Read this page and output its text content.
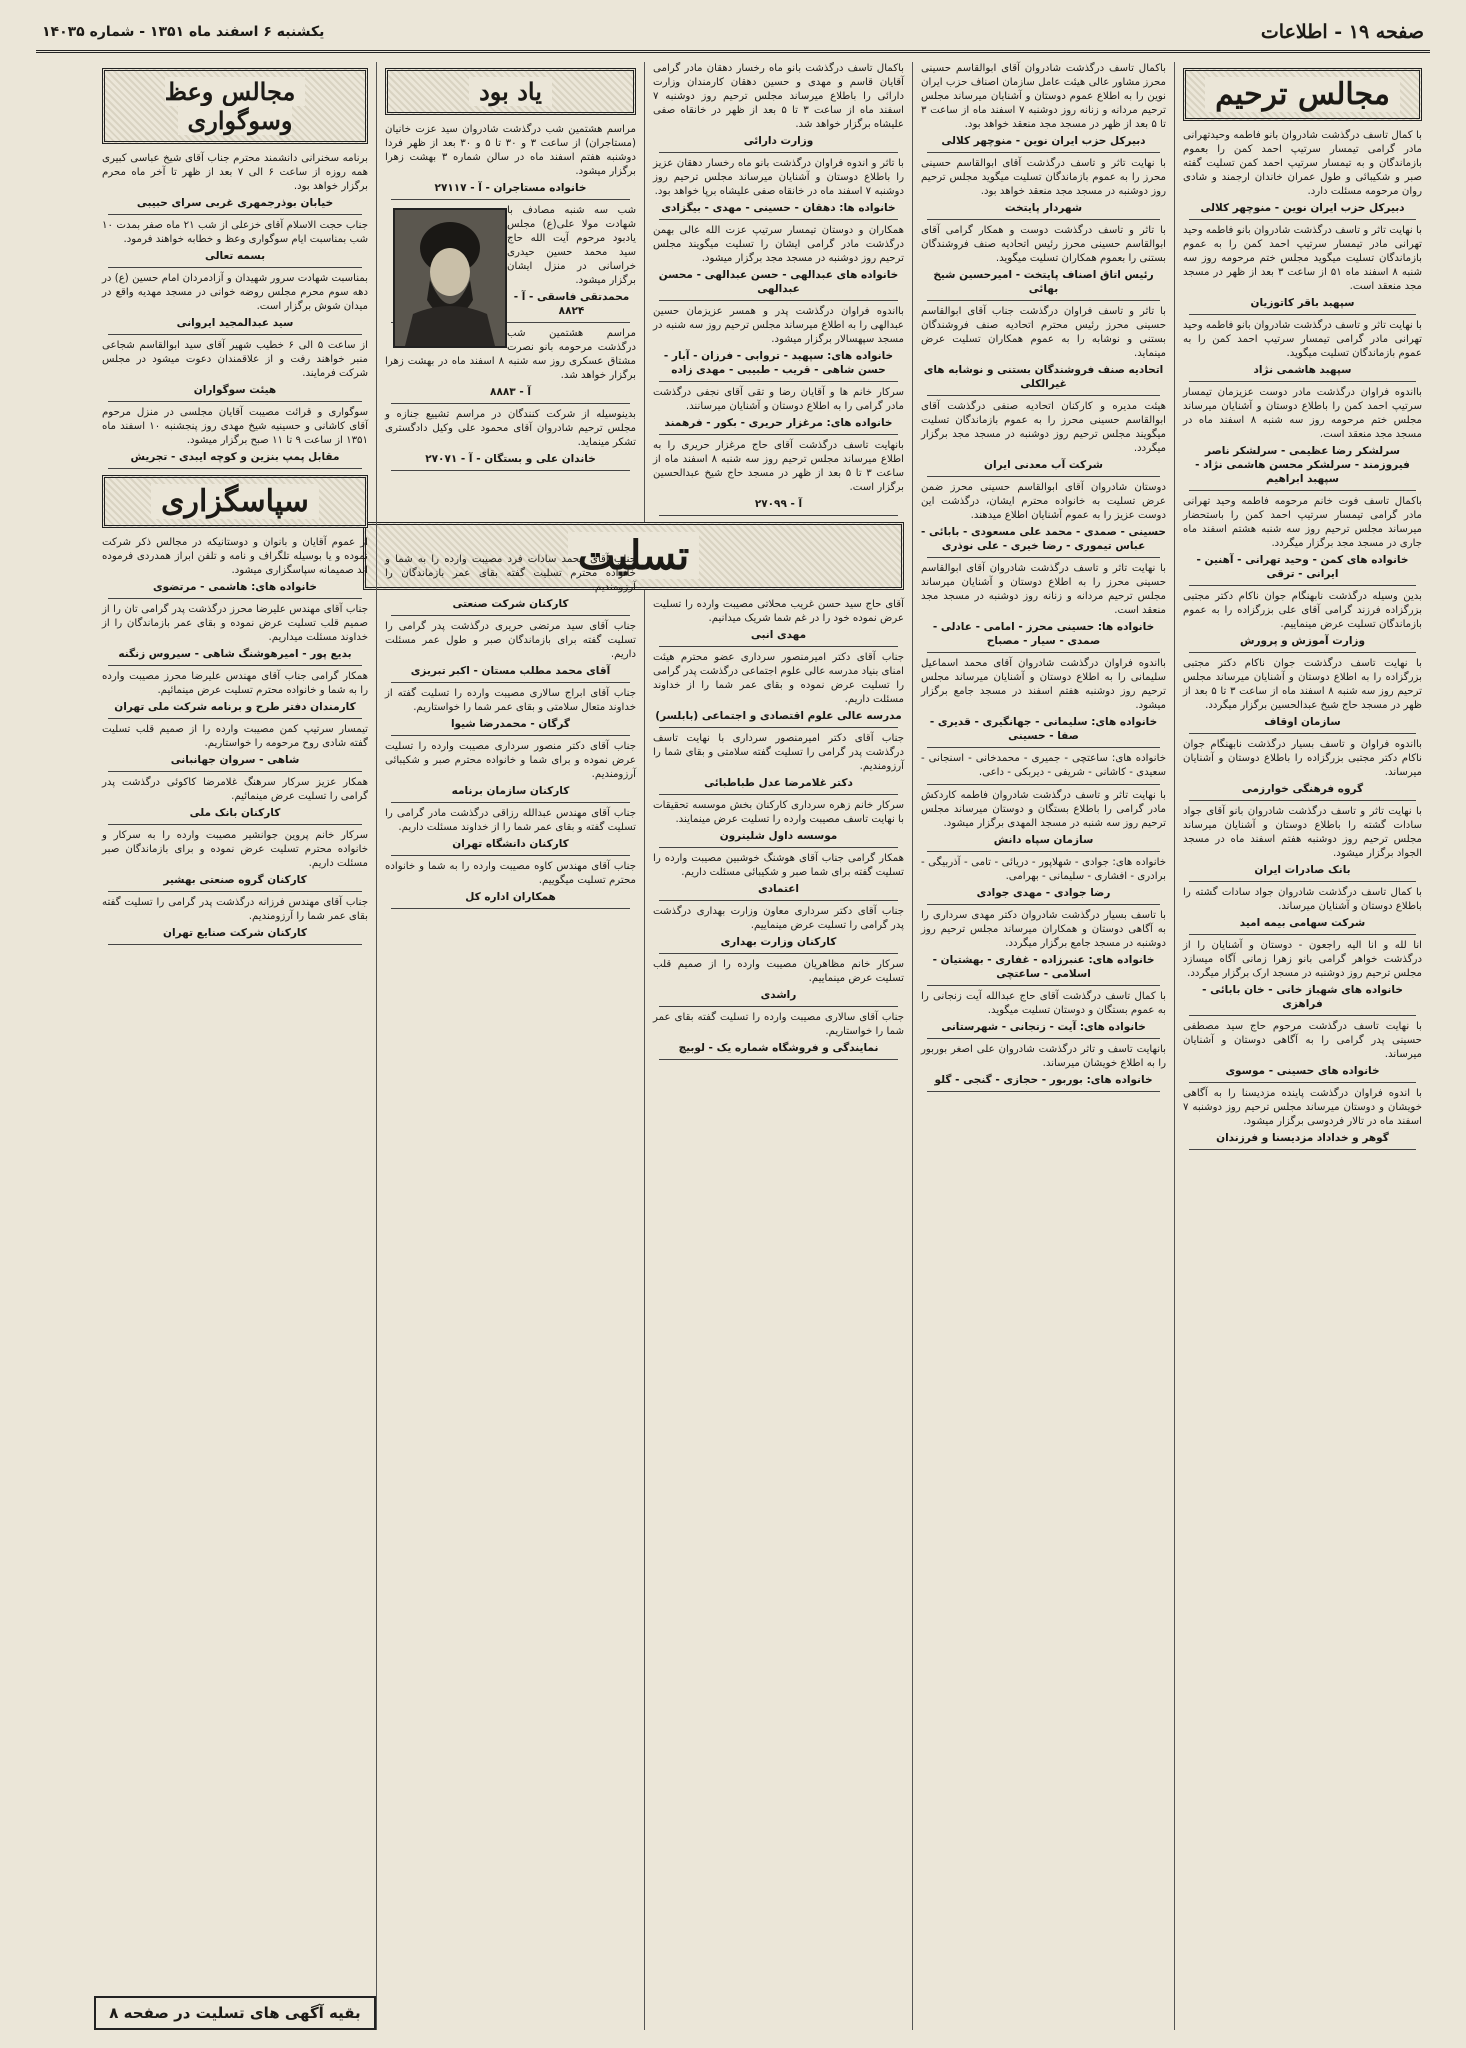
صفحه ۱۹ - اطلاعات
یکشنبه ۶ اسفند ماه ۱۳۵۱ - شماره ۱۴۰۳۵
مجالس ترحیم
با کمال تاسف درگذشت شادروان بانو فاطمه وحیدتهرانی مادر گرامی تیمسار سرتیپ احمد کمن را بعموم بازماندگان و به تیمسار سرتیپ احمد کمن تسلیت گفته صبر و شکیبائی و طول عمران خاندان ارجمند و شادی روان مرحومه مسئلت دارد.
دبیرکل حزب ایران نوین - منوچهر کلالی
با نهایت تاثر و تاسف درگذشت شادروان بانو فاطمه وحید تهرانی مادر تیمسار سرتیپ احمد کمن را به عموم بازماندگان تسلیت میگوید مجلس ختم مرحومه روز سه شنبه ۸ اسفند ماه ۵۱ از ساعت ۳ بعد از ظهر در مسجد مجد منعقد است.
سپهبد باقر کاتوزیان
با نهایت تاثر و تاسف درگذشت شادروان بانو فاطمه وحید تهرانی مادر گرامی تیمسار سرتیپ احمد کمن را به عموم بازماندگان تسلیت میگوید.
سپهبد هاشمی نژاد
بااندوه فراوان درگذشت مادر دوست عزیزمان تیمسار سرتیپ احمد کمن را باطلاع دوستان و آشنایان میرساند مجلس ختم مرحومه روز سه شنبه ۸ اسفند ماه در مسجد مجد منعقد است.
سرلشکر رضا عظیمی - سرلشکر ناصر فیروزمند - سرلشکر محسن هاشمی نژاد - سپهبد ابراهیم
باکمال تاسف فوت خانم مرحومه فاطمه وحید تهرانی مادر گرامی تیمسار سرتیپ احمد کمن را باستحضار میرساند مجلس ترحیم روز سه شنبه هشتم اسفند ماه جاری در مسجد مجد برگزار میگردد.
خانواده های کمن - وحید تهرانی - آهنین - ایرانی - ترقی
بدین وسیله درگذشت نابهنگام جوان ناکام دکتر مجتبی بزرگزاده فرزند گرامی آقای علی بزرگزاده را به عموم بازماندگان تسلیت عرض مینماییم.
وزارت آموزش و پرورش
با نهایت تاسف درگذشت جوان ناکام دکتر مجتبی بزرگزاده را به اطلاع دوستان و آشنایان میرساند مجلس ترحیم روز سه شنبه ۸ اسفند ماه از ساعت ۳ تا ۵ بعد از ظهر در مسجد حاج شیخ عبدالحسین برگزار میگردد.
سازمان اوقاف
بااندوه فراوان و تاسف بسیار درگذشت نابهنگام جوان ناکام دکتر مجتبی بزرگزاده را باطلاع دوستان و آشنایان میرساند.
گروه فرهنگی خوارزمی
با نهایت تاثر و تاسف درگذشت شادروان بانو آقای جواد سادات گشته را باطلاع دوستان و آشنایان میرساند مجلس ترحیم روز دوشنبه هفتم اسفند ماه در مسجد الجواد برگزار میشود.
بانک صادرات ایران
با کمال تاسف درگذشت شادروان جواد سادات گشته را باطلاع دوستان و آشنایان میرساند.
شرکت سهامی بیمه امید
انا لله و انا الیه راجعون - دوستان و آشنایان را از درگذشت خواهر گرامی بانو زهرا زمانی آگاه میسازد مجلس ترحیم روز دوشنبه در مسجد ارک برگزار میگردد.
خانواده های شهباز خانی - خان بابائی - فراهزی
با نهایت تاسف درگذشت مرحوم حاج سید مصطفی حسینی پدر گرامی را به آگاهی دوستان و آشنایان میرساند.
خانواده های حسینی - موسوی
با اندوه فراوان درگذشت پاینده مزدیسنا را به آگاهی خویشان و دوستان میرساند مجلس ترحیم روز دوشنبه ۷ اسفند ماه در تالار فردوسی برگزار میشود.
گوهر و خداداد مزدیسنا و فرزندان
باکمال تاسف درگذشت شادروان آقای ابوالقاسم حسینی محرز مشاور عالی هیئت عامل سازمان اصناف حزب ایران نوین را به اطلاع عموم دوستان و آشنایان میرساند مجلس ترحیم مردانه و زنانه روز دوشنبه ۷ اسفند ماه از ساعت ۳ تا ۵ بعد از ظهر در مسجد مجد منعقد خواهد بود.
دبیرکل حزب ایران نوین - منوچهر کلالی
با نهایت تاثر و تاسف درگذشت آقای ابوالقاسم حسینی محرز را به عموم بازماندگان تسلیت میگوید مجلس ترحیم روز دوشنبه در مسجد مجد منعقد خواهد بود.
شهردار پایتخت
با تاثر و تاسف درگذشت دوست و همکار گرامی آقای ابوالقاسم حسینی محرز رئیس اتحادیه صنف فروشندگان بستنی را بعموم همکاران تسلیت میگوید.
رئیس اتاق اصناف پایتخت - امیرحسین شیخ بهائی
با تاثر و تاسف فراوان درگذشت جناب آقای ابوالقاسم حسینی محرز رئیس محترم اتحادیه صنف فروشندگان بستنی و نوشابه را به عموم همکاران تسلیت عرض مینماید.
اتحادیه صنف فروشندگان بستنی و نوشابه های غیرالکلی
هیئت مدیره و کارکنان اتحادیه صنفی درگذشت آقای ابوالقاسم حسینی محرز را به عموم بازماندگان تسلیت میگویند مجلس ترحیم روز دوشنبه در مسجد مجد برگزار میگردد.
شرکت آب معدنی ایران
دوستان شادروان آقای ابوالقاسم حسینی محرز ضمن عرض تسلیت به خانواده محترم ایشان، درگذشت این دوست عزیز را به عموم آشنایان اطلاع میدهند.
حسینی - صمدی - محمد علی مسعودی - بابائی - عباس تیموری - رضا خیری - علی نوذری
با نهایت تاثر و تاسف درگذشت شادروان آقای ابوالقاسم حسینی محرز را به اطلاع دوستان و آشنایان میرساند مجلس ترحیم مردانه و زنانه روز دوشنبه در مسجد مجد منعقد است.
خانواده ها: حسینی محرز - امامی - عادلی - صمدی - سیار - مصباح
بااندوه فراوان درگذشت شادروان آقای محمد اسماعیل سلیمانی را به اطلاع دوستان و آشنایان میرساند مجلس ترحیم روز دوشنبه هفتم اسفند در مسجد جامع برگزار میشود.
خانواده های: سلیمانی - جهانگیری - قدیری - صفا - حسینی
خانواده های: ساعتچی - جمیری - محمدخانی - اسنجانی - سعیدی - کاشانی - شریفی - دیربکی - داعی.
با نهایت تاثر و تاسف درگذشت شادروان فاطمه کاردکش مادر گرامی را باطلاع بستگان و دوستان میرساند مجلس ترحیم روز سه شنبه در مسجد المهدی برگزار میشود.
سازمان سپاه دانش
خانواده های: جوادی - شهلاپور - دریائی - تامی - آذربیگی - برادری - افشاری - سلیمانی - بهرامی.
رضا جوادی - مهدی جوادی
با تاسف بسیار درگذشت شادروان دکتر مهدی سرداری را به آگاهی دوستان و همکاران میرساند مجلس ترحیم روز دوشنبه در مسجد جامع برگزار میگردد.
خانواده های: عنبرزاده - غفاری - بهشتیان - اسلامی - ساعتچی
با کمال تاسف درگذشت آقای حاج عبدالله آیت زنجانی را به عموم بستگان و دوستان تسلیت میگوید.
خانواده های: آیت - زنجانی - شهرستانی
بانهایت تاسف و تاثر درگذشت شادروان علی اصغر بوربور را به اطلاع خویشان میرساند.
خانواده های: بوربور - حجازی - گنجی - گلو
باکمال تاسف درگذشت بانو ماه رخسار دهقان مادر گرامی آقایان قاسم و مهدی و حسین دهقان کارمندان وزارت دارائی را باطلاع میرساند مجلس ترحیم روز دوشنبه ۷ اسفند ماه از ساعت ۳ تا ۵ بعد از ظهر در خانقاه صفی علیشاه برگزار خواهد شد.
وزارت دارائی
با تاثر و اندوه فراوان درگذشت بانو ماه رخسار دهقان عزیز را باطلاع دوستان و آشنایان میرساند مجلس ترحیم روز دوشنبه ۷ اسفند ماه در خانقاه صفی علیشاه برپا خواهد بود.
خانواده ها: دهقان - حسینی - مهدی - بیگزادی
همکاران و دوستان تیمسار سرتیپ عزت الله عالی بهمن درگذشت مادر گرامی ایشان را تسلیت میگویند مجلس ترحیم روز دوشنبه در مسجد مجد برگزار میشود.
خانواده های عبدالهی - حسن عبدالهی - محسن عبدالهی
بااندوه فراوان درگذشت پدر و همسر عزیزمان حسین عبدالهی را به اطلاع میرساند مجلس ترحیم روز سه شنبه در مسجد سپهسالار برگزار میشود.
خانواده های: سپهبد - تروابی - فرزان - آبار - حسن شاهی - قریب - طبیبی - مهدی زاده
سرکار خانم ها و آقایان رضا و تقی آقای نجفی درگذشت مادر گرامی را به اطلاع دوستان و آشنایان میرسانند.
خانواده های: مرغزار حریری - بکور - فرهمند
بانهایت تاسف درگذشت آقای حاج مرغزار حریری را به اطلاع میرساند مجلس ترحیم روز سه شنبه ۸ اسفند ماه از ساعت ۳ تا ۵ بعد از ظهر در مسجد حاج شیخ عبدالحسین برگزار است.
آ - ۲۷۰۹۹
تسلیت
آقای حاج سید حسن غریب محلاتی مصیبت وارده را تسلیت عرض نموده خود را در غم شما شریک میدانیم.
مهدی انبی
جناب آقای دکتر امیرمنصور سرداری عضو محترم هیئت امنای بنیاد مدرسه عالی علوم اجتماعی درگذشت پدر گرامی را تسلیت عرض نموده و بقای عمر شما را از خداوند مسئلت داریم.
مدرسه عالی علوم اقتصادی و اجتماعی (بابلسر)
جناب آقای دکتر امیرمنصور سرداری با نهایت تاسف درگذشت پدر گرامی را تسلیت گفته سلامتی و بقای شما را آرزومندیم.
دکتر غلامرضا عدل طباطبائی
سرکار خانم زهره سرداری کارکنان بخش موسسه تحقیقات با نهایت تاسف مصیبت وارده را تسلیت عرض مینمایند.
موسسه داول شلینرون
همکار گرامی جناب آقای هوشنگ خوشبین مصیبت وارده را تسلیت گفته برای شما صبر و شکیبائی مسئلت داریم.
اعتمادی
جناب آقای دکتر سرداری معاون وزارت بهداری درگذشت پدر گرامی را تسلیت عرض مینماییم.
کارکنان وزارت بهداری
سرکار خانم مظاهریان مصیبت وارده را از صمیم قلب تسلیت عرض مینماییم.
راشدی
جناب آقای سالاری مصیبت وارده را تسلیت گفته بقای عمر شما را خواستاریم.
نمایندگی و فروشگاه شماره یک - لوبیچ
یاد بود
مراسم هشتمین شب درگذشت شادروان سید عزت خانیان (مستاجران) از ساعت ۳ و ۳۰ تا ۵ و ۳۰ بعد از ظهر فردا دوشنبه هفتم اسفند ماه در سالن شماره ۳ بهشت زهرا برگزار میشود.
خانواده مستاجران - آ - ۲۷۱۱۷
شب سه شنبه مصادف با شهادت مولا علی(ع) مجلس یادبود مرحوم آیت الله حاج سید محمد حسین حیدری خراسانی در منزل ایشان برگزار میشود.
محمدتقی فاسقی - آ - ۸۸۲۴
مراسم هشتمین شب درگذشت مرحومه بانو نصرت مشتاق عسکری روز سه شنبه ۸ اسفند ماه در بهشت زهرا برگزار خواهد شد.
آ - ۸۸۸۳
بدینوسیله از شرکت کنندگان در مراسم تشییع جنازه و مجلس ترحیم شادروان آقای محمود علی وکیل دادگستری تشکر مینماید.
خاندان علی و بستگان - آ - ۲۷۰۷۱
جناب آقای محمد سادات فرد مصیبت وارده را به شما و خانواده محترم تسلیت گفته بقای عمر بازماندگان را آرزومندیم.
کارکنان شرکت صنعتی
جناب آقای سید مرتضی حریری درگذشت پدر گرامی را تسلیت گفته برای بازماندگان صبر و طول عمر مسئلت داریم.
آقای محمد مطلب مستان - اکبر تبریزی
جناب آقای ابراج سالاری مصیبت وارده را تسلیت گفته از خداوند متعال سلامتی و بقای عمر شما را خواستاریم.
گرگان - محمدرضا شیوا
جناب آقای دکتر منصور سرداری مصیبت وارده را تسلیت عرض نموده و برای شما و خانواده محترم صبر و شکیبائی آرزومندیم.
کارکنان سازمان برنامه
جناب آقای مهندس عبدالله رزاقی درگذشت مادر گرامی را تسلیت گفته و بقای عمر شما را از خداوند مسئلت داریم.
کارکنان دانشگاه تهران
جناب آقای مهندس کاوه مصیبت وارده را به شما و خانواده محترم تسلیت میگوییم.
همکاران اداره کل
مجالس وعظ وسوگواری
برنامه سخنرانی دانشمند محترم جناب آقای شیخ عباسی کبیری همه روزه از ساعت ۶ الی ۷ بعد از ظهر تا آخر ماه محرم برگزار خواهد بود.
خیابان بوذرجمهری غربی سرای حبیبی
جناب حجت الاسلام آقای خزعلی از شب ۲۱ ماه صفر بمدت ۱۰ شب بمناسبت ایام سوگواری وعظ و خطابه خواهند فرمود.
بسمه تعالی
بمناسبت شهادت سرور شهیدان و آزادمردان امام حسین (ع) در دهه سوم محرم مجلس روضه خوانی در مسجد مهدیه واقع در میدان شوش برگزار است.
سید عبدالمجید ایروانی
از ساعت ۵ الی ۶ خطیب شهیر آقای سید ابوالقاسم شجاعی منبر خواهند رفت و از علاقمندان دعوت میشود در مجلس شرکت فرمایند.
هیئت سوگواران
سوگواری و قرائت مصیبت آقایان مجلسی در منزل مرحوم آقای کاشانی و حسینیه شیخ مهدی روز پنجشنبه ۱۰ اسفند ماه ۱۳۵۱ از ساعت ۹ تا ۱۱ صبح برگزار میشود.
مقابل پمپ بنزین و کوچه ایبدی - تجریش
سپاسگزاری
از عموم آقایان و بانوان و دوستانیکه در مجالس ذکر شرکت نموده و یا بوسیله تلگراف و نامه و تلفن ابراز همدردی فرموده اند صمیمانه سپاسگزاری میشود.
خانواده های: هاشمی - مرتضوی
جناب آقای مهندس علیرضا محرز درگذشت پدر گرامی تان را از صمیم قلب تسلیت عرض نموده و بقای عمر بازماندگان را از خداوند مسئلت میداریم.
بدیع پور - امیرهوشنگ شاهی - سیروس زنگنه
همکار گرامی جناب آقای مهندس علیرضا محرز مصیبت وارده را به شما و خانواده محترم تسلیت عرض مینمائیم.
کارمندان دفتر طرح و برنامه شرکت ملی تهران
تیمسار سرتیپ کمن مصیبت وارده را از صمیم قلب تسلیت گفته شادی روح مرحومه را خواستاریم.
شاهی - سروان جهانبانی
همکار عزیز سرکار سرهنگ غلامرضا کاکوئی درگذشت پدر گرامی را تسلیت عرض مینمائیم.
کارکنان بانک ملی
سرکار خانم پروین جوانشیر مصیبت وارده را به سرکار و خانواده محترم تسلیت عرض نموده و برای بازماندگان صبر مسئلت داریم.
کارکنان گروه صنعتی بهشیر
جناب آقای مهندس فرزانه درگذشت پدر گرامی را تسلیت گفته بقای عمر شما را آرزومندیم.
کارکنان شرکت صنایع تهران
بقیه آگهی های تسلیت در صفحه ۸
